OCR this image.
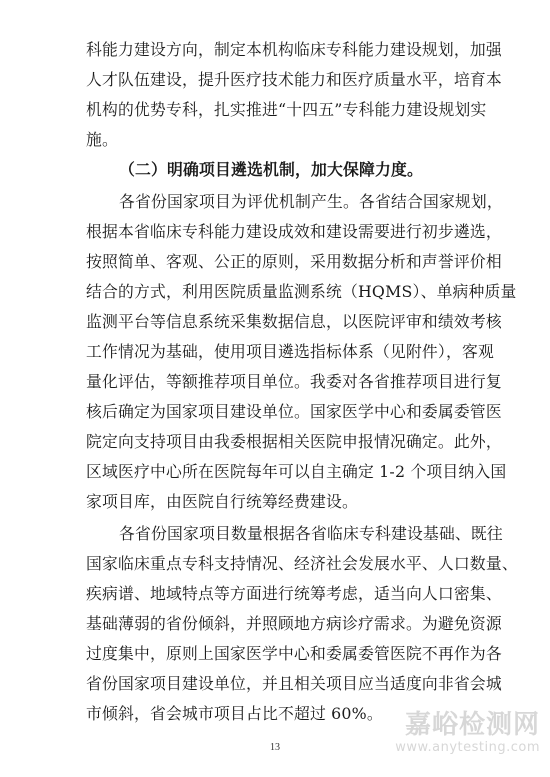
科能力建设方向，制定本机构临床专科能力建设规划，加强
人才队伍建设，提升医疗技术能力和医疗质量水平，培育本
机构的优势专科，扎实推进“十四五”专科能力建设规划实
施。
（二）明确项目遴选机制，加大保障力度。
各省份国家项目为评优机制产生。各省结合国家规划，
根据本省临床专科能力建设成效和建设需要进行初步遴选，
按照简单、客观、公正的原则，采用数据分析和声誉评价相
结合的方式，利用医院质量监测系统（HQMS）、单病种质量
监测平台等信息系统采集数据信息，以医院评审和绩效考核
工作情况为基础，使用项目遴选指标体系（见附件），客观
量化评估，等额推荐项目单位。我委对各省推荐项目进行复
核后确定为国家项目建设单位。国家医学中心和委属委管医
院定向支持项目由我委根据相关医院申报情况确定。此外，
区域医疗中心所在医院每年可以自主确定 1-2 个项目纳入国
家项目库，由医院自行统筹经费建设。
各省份国家项目数量根据各省临床专科建设基础、既往
国家临床重点专科支持情况、经济社会发展水平、人口数量、
疾病谱、地域特点等方面进行统筹考虑，适当向人口密集、
基础薄弱的省份倾斜，并照顾地方病诊疗需求。为避免资源
过度集中，原则上国家医学中心和委属委管医院不再作为各
省份国家项目建设单位，并且相关项目应当适度向非省会城
市倾斜，省会城市项目占比不超过 60%。
13
嘉峪检测网
www.anytesting.com
